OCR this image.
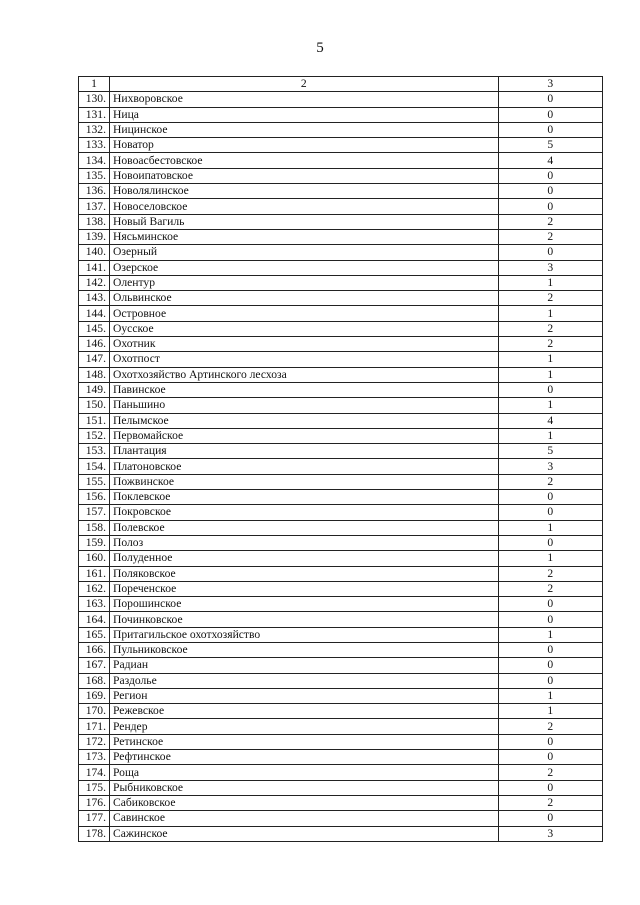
5
1	2	3
130.	Нихворовское	0
131.	Ница	0
132.	Ницинское	0
133.	Новатор	5
134.	Новоасбестовское	4
135.	Новоипатовское	0
136.	Новолялинское	0
137.	Новоселовское	0
138.	Новый Вагиль	2
139.	Нясьминское	2
140.	Озерный	0
141.	Озерское	3
142.	Олентур	1
143.	Ольвинское	2
144.	Островное	1
145.	Оусское	2
146.	Охотник	2
147.	Охотпост	1
148.	Охотхозяйство Артинского лесхоза	1
149.	Павинское	0
150.	Паньшино	1
151.	Пелымское	4
152.	Первомайское	1
153.	Плантация	5
154.	Платоновское	3
155.	Пожвинское	2
156.	Поклевское	0
157.	Покровское	0
158.	Полевское	1
159.	Полоз	0
160.	Полуденное	1
161.	Поляковское	2
162.	Пореченское	2
163.	Порошинское	0
164.	Починковское	0
165.	Притагильское охотхозяйство	1
166.	Пульниковское	0
167.	Радиан	0
168.	Раздолье	0
169.	Регион	1
170.	Режевское	1
171.	Рендер	2
172.	Ретинское	0
173.	Рефтинское	0
174.	Роща	2
175.	Рыбниковское	0
176.	Сабиковское	2
177.	Савинское	0
178.	Сажинское	3
